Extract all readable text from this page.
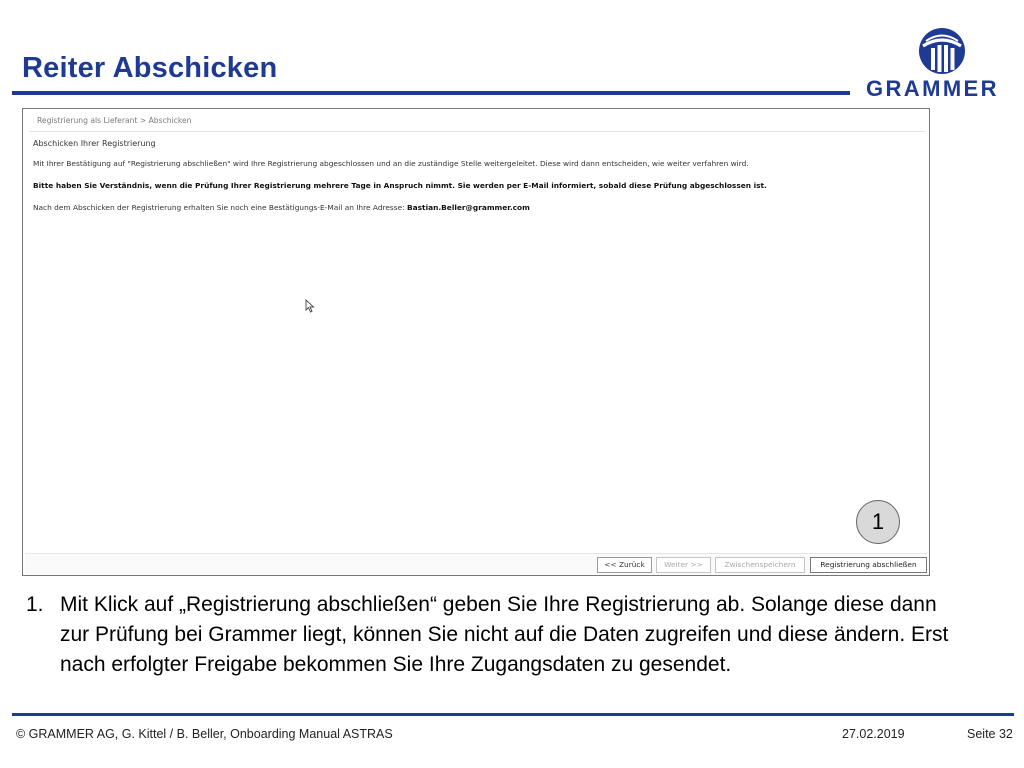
Reiter Abschicken
GRAMMER
Registrierung als Lieferant > Abschicken
Abschicken Ihrer Registrierung
Mit Ihrer Bestätigung auf "Registrierung abschließen" wird Ihre Registrierung abgeschlossen und an die zuständige Stelle weitergeleitet. Diese wird dann entscheiden, wie weiter verfahren wird.
Bitte haben Sie Verständnis, wenn die Prüfung Ihrer Registrierung mehrere Tage in Anspruch nimmt. Sie werden per E-Mail informiert, sobald diese Prüfung abgeschlossen ist.
Nach dem Abschicken der Registrierung erhalten Sie noch eine Bestätigungs-E-Mail an Ihre Adresse: Bastian.Beller@grammer.com
1
<< Zurück	Weiter >>	Zwischenspeichern	Registrierung abschließen
1. Mit Klick auf „Registrierung abschließen“ geben Sie Ihre Registrierung ab. Solange diese dann zur Prüfung bei Grammer liegt, können Sie nicht auf die Daten zugreifen und diese ändern. Erst nach erfolgter Freigabe bekommen Sie Ihre Zugangsdaten zu gesendet.
© GRAMMER AG, G. Kittel / B. Beller, Onboarding Manual ASTRAS	27.02.2019	Seite 32
